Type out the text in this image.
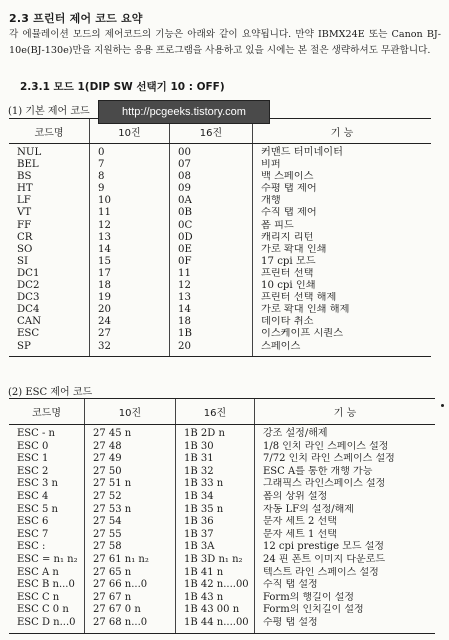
2.3 프린터 제어 코드 요약
각 에뮬레이션 모드의 제어코드의 기능은 아래와 같이 요약됩니다. 만약 IBMX24E 또는 Canon BJ-10e(BJ-130e)만을 지원하는 응용 프로그램을 사용하고 있을 시에는 본 절은 생략하셔도 무관합니다.
2.3.1 모드 1(DIP SW 선택기 10 : OFF)
(1) 기본 제어 코드
코드명	10진	16진	기 능
NUL	0	00	커맨드 터미네이터
BEL	7	07	비퍼
BS	8	08	백 스페이스
HT	9	09	수평 탭 제어
LF	10	0A	개행
VT	11	0B	수직 탭 제어
FF	12	0C	폼 피드
CR	13	0D	캐리지 리턴
SO	14	0E	가로 확대 인쇄
SI	15	0F	17 cpi 모드
DC1	17	11	프린터 선택
DC2	18	12	10 cpi 인쇄
DC3	19	13	프린터 선택 해제
DC4	20	14	가로 확대 인쇄 해제
CAN	24	18	데이타 취소
ESC	27	1B	이스케이프 시퀀스
SP	32	20	스페이스
http://pcgeeks.tistory.com
(2) ESC 제어 코드
코드명	10진	16진	기 능
ESC - n	27 45 n	1B 2D n	강조 설정/해제
ESC 0	27 48	1B 30	1/8 인치 라인 스페이스 설정
ESC 1	27 49	1B 31	7/72 인치 라인 스페이스 설정
ESC 2	27 50	1B 32	ESC A를 통한 개행 가능
ESC 3 n	27 51 n	1B 33 n	그래픽스 라인스페이스 설정
ESC 4	27 52	1B 34	폼의 상위 설정
ESC 5 n	27 53 n	1B 35 n	자동 LF의 설정/해제
ESC 6	27 54	1B 36	문자 세트 2 선택
ESC 7	27 55	1B 37	문자 세트 1 선택
ESC :	27 58	1B 3A	12 cpi prestige 모드 설정
ESC = n₁ n₂	27 61 n₁ n₂	1B 3D n₁ n₂	24 핀 폰트 이미지 다운로드
ESC A n	27 65 n	1B 41 n	텍스트 라인 스페이스 설정
ESC B n...0	27 66 n...0	1B 42 n....00	수직 탭 설정
ESC C n	27 67 n	1B 43 n	Form의 행길이 설정
ESC C 0 n	27 67 0 n	1B 43 00 n	Form의 인치길이 설정
ESC D n...0	27 68 n...0	1B 44 n....00	수평 탭 설정
